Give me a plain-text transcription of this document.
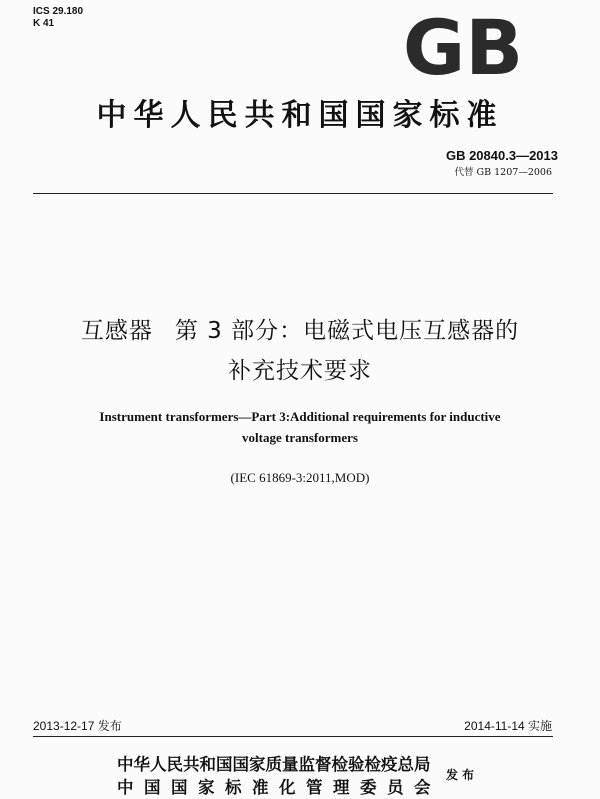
ICS 29.180
K 41	GB
中华人民共和国国家标准
GB 20840.3—2013
代替 GB 1207—2006
互感器 第 3 部分：电磁式电压互感器的
补充技术要求
Instrument transformers—Part 3:Additional requirements for inductive
voltage transformers
(IEC 61869-3:2011,MOD)
2013-12-17 发布	2014-11-14 实施
中华人民共和国国家质量监督检验检疫总局
中国国家标准化管理委员会
发布
